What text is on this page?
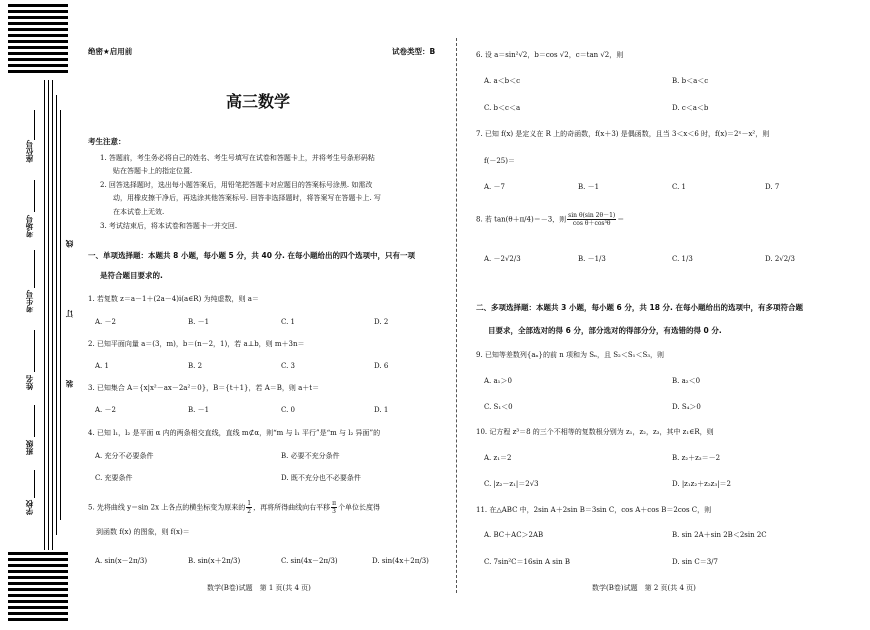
座位号
考场号
考生号
姓名
班级
学校
线
订
装
绝密★启用前	试卷类型：B
高三数学
考生注意：
1. 答题前，考生务必将自己的姓名、考生号填写在试卷和答题卡上，并将考生号条形码粘
贴在答题卡上的指定位置.
2. 回答选择题时，选出每小题答案后，用铅笔把答题卡对应题目的答案标号涂黑. 如需改
动，用橡皮擦干净后，再选涂其他答案标号. 回答非选择题时，将答案写在答题卡上. 写
在本试卷上无效.
3. 考试结束后，将本试卷和答题卡一并交回.
一、单项选择题：本题共 8 小题，每小题 5 分，共 40 分. 在每小题给出的四个选项中，只有一项
是符合题目要求的.
1. 若复数 z＝a－1＋(2a－4)i(a∈R) 为纯虚数，则 a＝
A. －2	B. －1	C. 1	D. 2
2. 已知平面向量 a＝(3，m)，b＝(n－2，1)，若 a⊥b，则 m＋3n＝
A. 1	B. 2	C. 3	D. 6
3. 已知集合 A＝{x|x²－ax－2a²＝0}，B＝{t＋1}，若 A＝B，则 a＋t＝
A. －2	B. －1	C. 0	D. 1
4. 已知 l₁，l₂ 是平面 α 内的两条相交直线，直线 m⊄α，则“m 与 l₁ 平行”是“m 与 l₂ 异面”的
A. 充分不必要条件	B. 必要不充分条件
C. 充要条件	D. 既不充分也不必要条件
5. 先将曲线 y＝sin 2x 上各点的横坐标变为原来的 $\frac{1}{2}$ ，再将所得曲线向右平移 $\frac{\pi}{3}$ 个单位长度得
到函数 f(x) 的图象，则 f(x)＝
A. sin(x－2π/3)	B. sin(x＋2π/3)	C. sin(4x－2π/3)	D. sin(4x＋2π/3)
数学(B卷)试题　第 1 页(共 4 页)
6. 设 a＝sin²√2，b＝cos √2，c＝tan √2，则
A. a＜b＜c	B. b＜a＜c
C. b＜c＜a	D. c＜a＜b
7. 已知 f(x) 是定义在 R 上的奇函数，f(x＋3) 是偶函数，且当 3＜x＜6 时，f(x)＝2ˣ－x²，则
f(－25)＝
A. －7	B. －1	C. 1	D. 7
8. 若 tan(θ＋π/4)＝－3，则 $\frac{\text{sin θ(sin 2θ－1)}}{\text{cos θ＋cos³θ}}$ ＝
A. －2√2/3	B. －1/3	C. 1/3	D. 2√2/3
二、多项选择题：本题共 3 小题，每小题 6 分，共 18 分. 在每小题给出的选项中，有多项符合题
目要求，全部选对的得 6 分，部分选对的得部分分，有选错的得 0 分.
9. 已知等差数列{aₙ}的前 n 项和为 Sₙ，且 S₂＜S₁＜S₃，则
A. a₁＞0	B. a₂＜0
C. S₁＜0	D. S₄＞0
10. 记方程 z³＝8 的三个不相等的复数根分别为 z₁，z₂，z₃，其中 z₁∈R，则
A. z₁＝2	B. z₂＋z₃＝－2
C. |z₂－z₁|＝2√3	D. |z₁z₂＋z₂z₃|＝2
11. 在△ABC 中，2sin A＋2sin B＝3sin C，cos A＋cos B＝2cos C，则
A. BC＋AC＞2AB	B. sin 2A＋sin 2B＜2sin 2C
C. 7sin²C＝16sin A sin B	D. sin C＝3/7
数学(B卷)试题　第 2 页(共 4 页)
